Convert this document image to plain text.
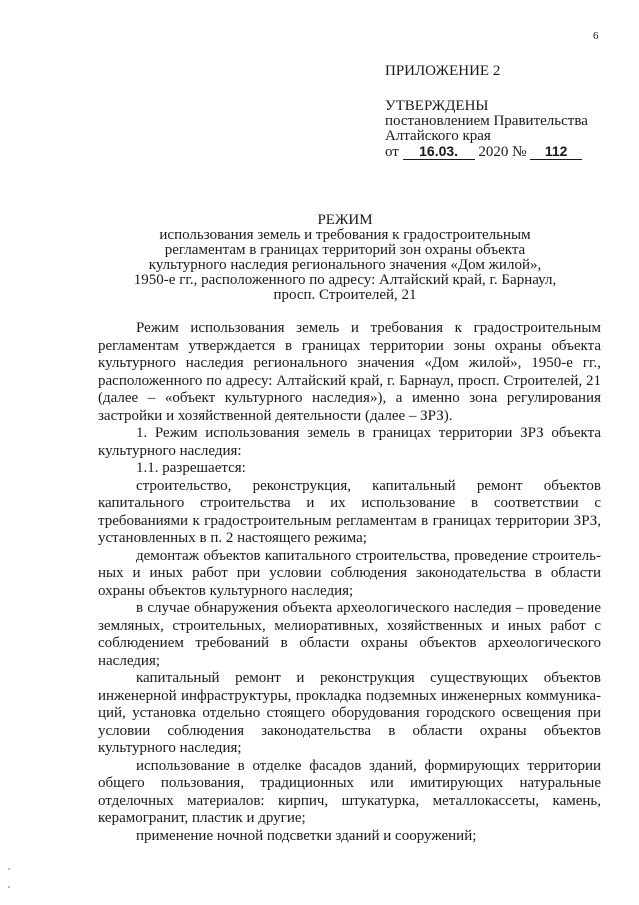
6
ПРИЛОЖЕНИЕ 2
УТВЕРЖДЕНЫ
постановлением Правительства
Алтайского края
от 16.03. 2020 № 112
РЕЖИМ
использования земель и требования к градостроительным
регламентам в границах территорий зон охраны объекта
культурного наследия регионального значения «Дом жилой»,
1950-е гг., расположенного по адресу: Алтайский край, г. Барнаул,
просп. Строителей, 21

Режим использования земель и требования к градостроительным регламентам утверждается в границах территории зоны охраны объекта культурного наследия регионального значения «Дом жилой», 1950-е гг., расположенного по адресу: Алтайский край, г. Барнаул, просп. Строителей, 21 (далее – «объект культурного наследия»), а именно зона регулирования застройки и хозяйственной деятельности (далее – ЗРЗ).

1. Режим использования земель в границах территории ЗРЗ объекта культурного наследия:

1.1. разрешается:

строительство, реконструкция, капитальный ремонт объектов капитального строительства и их использование в соответствии с требованиями к градостроительным регламентам в границах территории ЗРЗ, установленных в п. 2 настоящего режима;

демонтаж объектов капитального строительства, проведение строитель-ных и иных работ при условии соблюдения законодательства в области охраны объектов культурного наследия;

в случае обнаружения объекта археологического наследия – проведение земляных, строительных, мелиоративных, хозяйственных и иных работ с соблюдением требований в области охраны объектов археологического наследия;

капитальный ремонт и реконструкция существующих объектов инженерной инфраструктуры, прокладка подземных инженерных коммуника-ций, установка отдельно стоящего оборудования городского освещения при условии соблюдения законодательства в области охраны объектов культурного наследия;

использование в отделке фасадов зданий, формирующих территории общего пользования, традиционных или имитирующих натуральные отделочных материалов: кирпич, штукатурка, металлокассеты, камень, керамогранит, пластик и другие;

применение ночной подсветки зданий и сооружений;
